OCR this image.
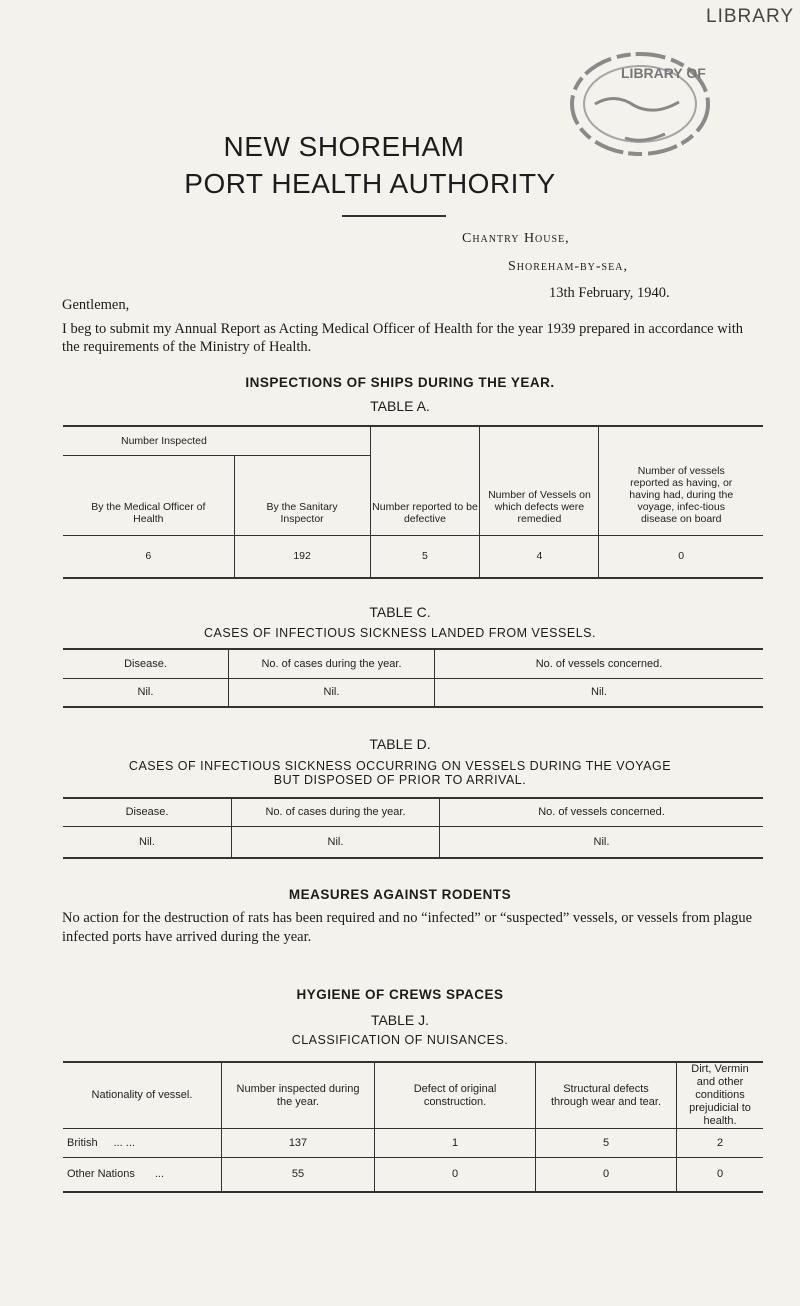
LIBRARY
LIBRARY OF
NEW SHOREHAM
PORT HEALTH AUTHORITY
Chantry House,
Shoreham-by-sea,
13th February, 1940.
Gentlemen,
I beg to submit my Annual Report as Acting Medical Officer of Health for the year 1939 prepared in accordance with the requirements of the Ministry of Health.
INSPECTIONS OF SHIPS DURING THE YEAR.
TABLE A.
Number Inspected		Number reported to be defective	Number of Vessels on which defects were remedied	Number of vessels reported as having, or having had, during the voyage, infec-tious disease on board
By the Medical Officer of Health	By the Sanitary Inspector			
6	192	5	4	0
TABLE C.
CASES OF INFECTIOUS SICKNESS LANDED FROM VESSELS.
Disease.	No. of cases during the year.	No. of vessels concerned.
Nil.	Nil.	Nil.
TABLE D.
CASES OF INFECTIOUS SICKNESS OCCURRING ON VESSELS DURING THE VOYAGE
BUT DISPOSED OF PRIOR TO ARRIVAL.
Disease.	No. of cases during the year.	No. of vessels concerned.
Nil.	Nil.	Nil.
MEASURES AGAINST RODENTS
No action for the destruction of rats has been required and no “infected” or “suspected” vessels, or vessels from plague infected ports have arrived during the year.
HYGIENE OF CREWS SPACES
TABLE J.
CLASSIFICATION OF NUISANCES.
Nationality of vessel.	Number inspected during the year.	Defect of original construction.	Structural defects through wear and tear.	Dirt, Vermin and other conditions prejudicial to health.
British ... ...	137	1	5	2
Other Nations ...	55	0	0	0
